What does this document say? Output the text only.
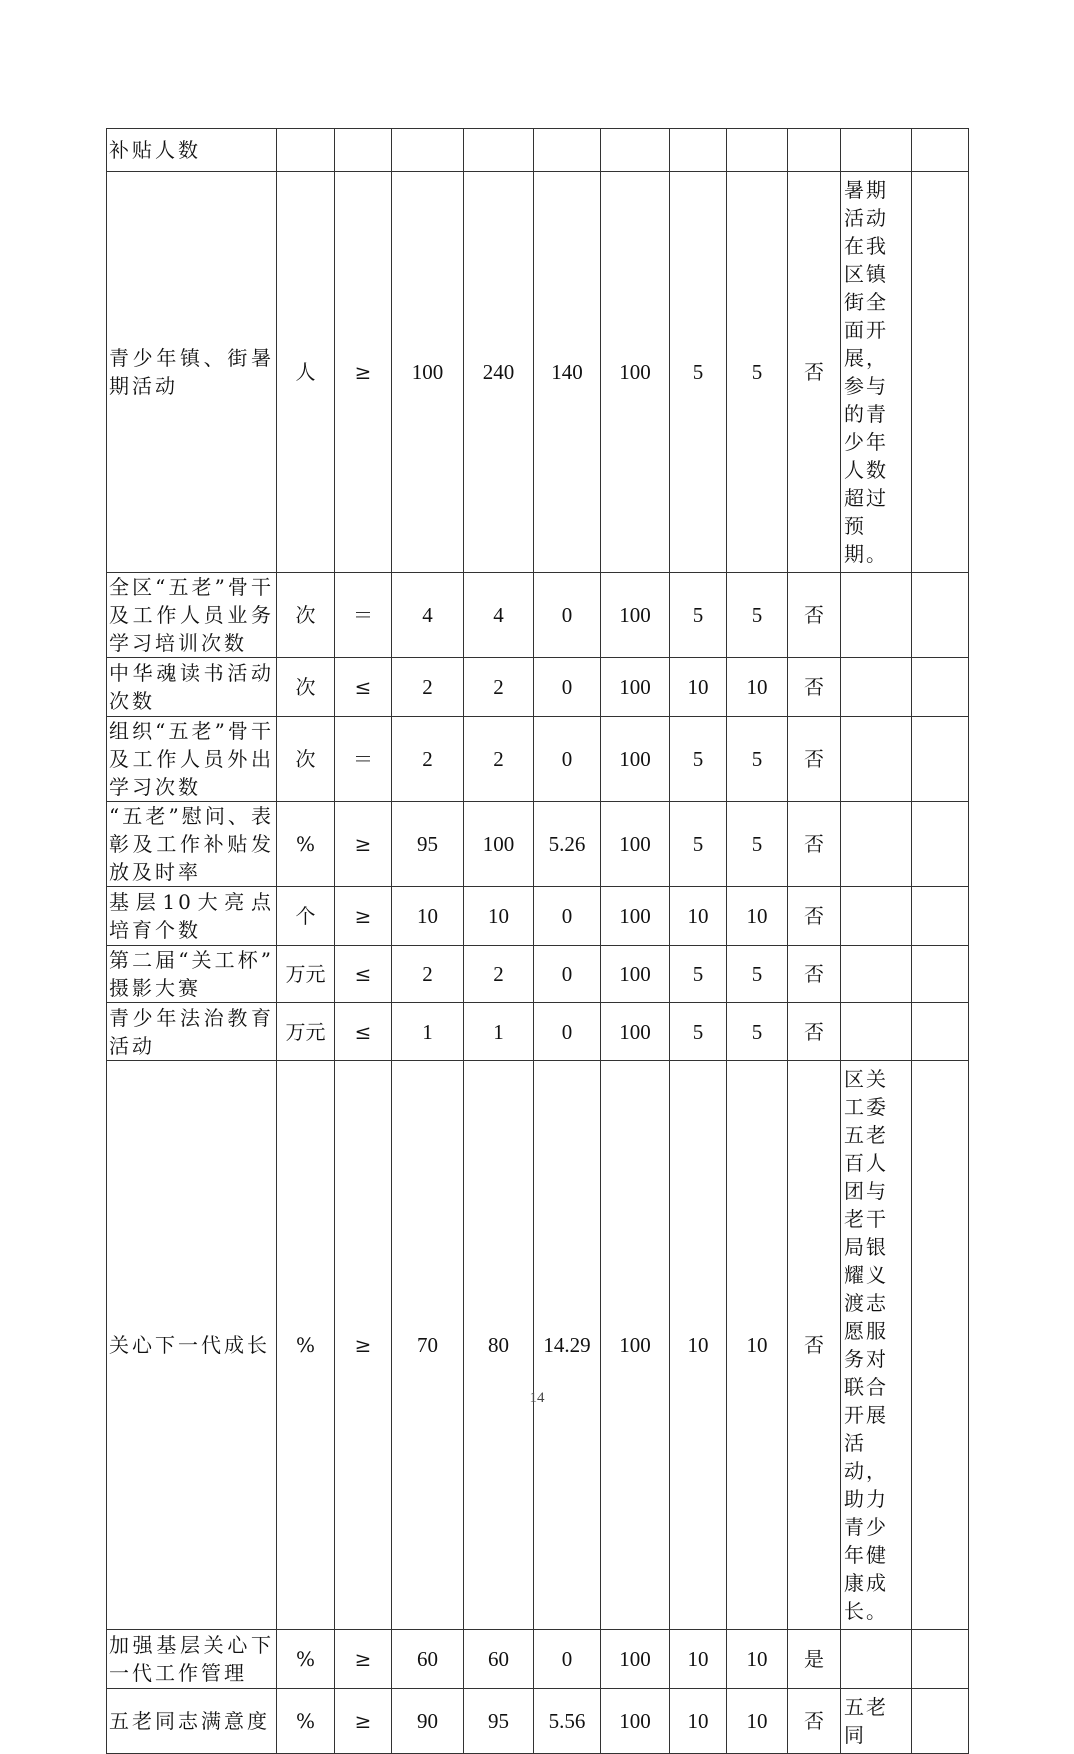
补贴人数											
青少年镇、街暑期活动	人	≥	100	240	140	100	5	5	否	暑期活动在我区镇街全面开展，参与的青少年人数超过预期。	
全区“五老”骨干及工作人员业务学习培训次数	次	＝	4	4	0	100	5	5	否		
中华魂读书活动次数	次	≤	2	2	0	100	10	10	否		
组织“五老”骨干及工作人员外出学习次数	次	＝	2	2	0	100	5	5	否		
“五老”慰问、表彰及工作补贴发放及时率	%	≥	95	100	5.26	100	5	5	否		
基层10大亮点培育个数	个	≥	10	10	0	100	10	10	否		
第二届“关工杯” 摄影大赛	万元	≤	2	2	0	100	5	5	否		
青少年法治教育活动	万元	≤	1	1	0	100	5	5	否		
关心下一代成长	%	≥	70	80	14.29	100	10	10	否	区关工委五老百人团与老干局银耀义渡志愿服务对联合开展活动，助力青少年健康成长。	
加强基层关心下一代工作管理	%	≥	60	60	0	100	10	10	是		
五老同志满意度	%	≥	90	95	5.56	100	10	10	否	五老同	
14
